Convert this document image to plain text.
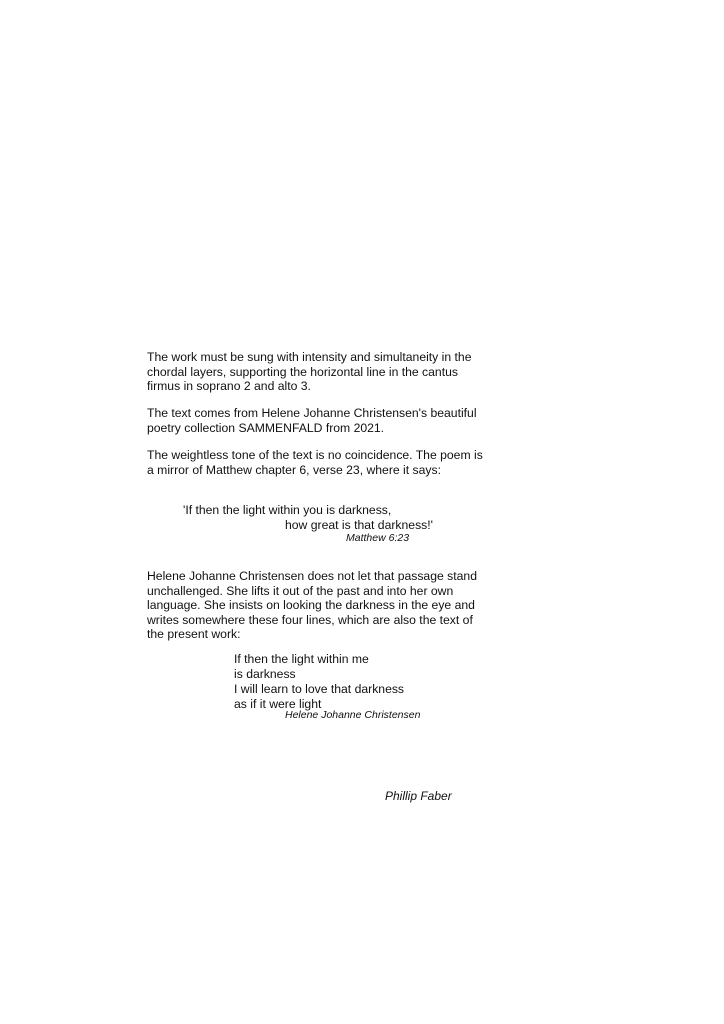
The work must be sung with intensity and simultaneity in the
chordal layers, supporting the horizontal line in the cantus
firmus in soprano 2 and alto 3.

The text comes from Helene Johanne Christensen's beautiful
poetry collection SAMMENFALD from 2021.

The weightless tone of the text is no coincidence. The poem is
a mirror of Matthew chapter 6, verse 23, where it says:

'If then the light within you is darkness,
how great is that darkness!'
Matthew 6:23

Helene Johanne Christensen does not let that passage stand
unchallenged. She lifts it out of the past and into her own
language. She insists on looking the darkness in the eye and
writes somewhere these four lines, which are also the text of
the present work:

If then the light within me
is darkness
I will learn to love that darkness
as if it were light
Helene Johanne Christensen
Phillip Faber
